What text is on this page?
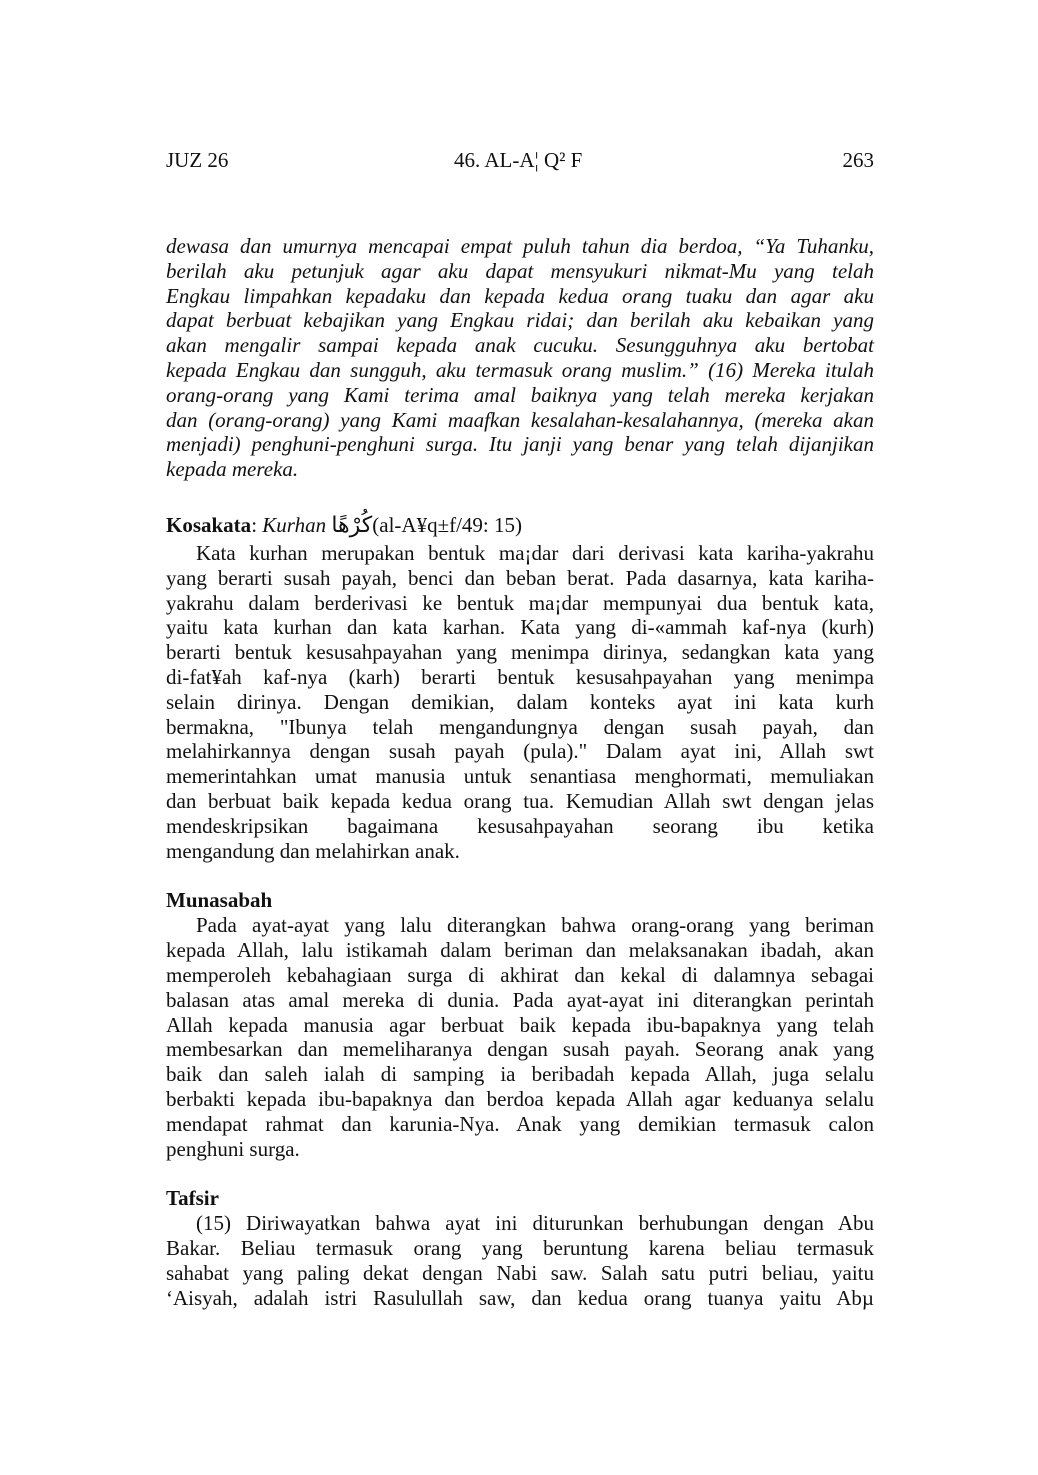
JUZ 26	46. AL-A¦ Q² F	263
dewasa dan umurnya mencapai empat puluh tahun dia berdoa, “Ya Tuhanku,
berilah aku petunjuk agar aku dapat mensyukuri nikmat-Mu yang telah
Engkau limpahkan kepadaku dan kepada kedua orang tuaku dan agar aku
dapat berbuat kebajikan yang Engkau ridai; dan berilah aku kebaikan yang
akan mengalir sampai kepada anak cucuku. Sesungguhnya aku bertobat
kepada Engkau dan sungguh, aku termasuk orang muslim.” (16) Mereka itulah
orang-orang yang Kami terima amal baiknya yang telah mereka kerjakan
dan (orang-orang) yang Kami maafkan kesalahan-kesalahannya, (mereka akan
menjadi) penghuni-penghuni surga. Itu janji yang benar yang telah dijanjikan
kepada mereka.
Kosakata: Kurhan كُرْهًا(al-A¥q±f/49: 15)
Kata kurhan merupakan bentuk ma¡dar dari derivasi kata kariha-yakrahu
yang berarti susah payah, benci dan beban berat. Pada dasarnya, kata kariha-
yakrahu dalam berderivasi ke bentuk ma¡dar mempunyai dua bentuk kata,
yaitu kata kurhan dan kata karhan. Kata yang di-«ammah kaf-nya (kurh)
berarti bentuk kesusahpayahan yang menimpa dirinya, sedangkan kata yang
di-fat¥ah kaf-nya (karh) berarti bentuk kesusahpayahan yang menimpa
selain dirinya. Dengan demikian, dalam konteks ayat ini kata kurh
bermakna, "Ibunya telah mengandungnya dengan susah payah, dan
melahirkannya dengan susah payah (pula)." Dalam ayat ini, Allah swt
memerintahkan umat manusia untuk senantiasa menghormati, memuliakan
dan berbuat baik kepada kedua orang tua. Kemudian Allah swt dengan jelas
mendeskripsikan bagaimana kesusahpayahan seorang ibu ketika
mengandung dan melahirkan anak.
Munasabah
Pada ayat-ayat yang lalu diterangkan bahwa orang-orang yang beriman
kepada Allah, lalu istikamah dalam beriman dan melaksanakan ibadah, akan
memperoleh kebahagiaan surga di akhirat dan kekal di dalamnya sebagai
balasan atas amal mereka di dunia. Pada ayat-ayat ini diterangkan perintah
Allah kepada manusia agar berbuat baik kepada ibu-bapaknya yang telah
membesarkan dan memeliharanya dengan susah payah. Seorang anak yang
baik dan saleh ialah di samping ia beribadah kepada Allah, juga selalu
berbakti kepada ibu-bapaknya dan berdoa kepada Allah agar keduanya selalu
mendapat rahmat dan karunia-Nya. Anak yang demikian termasuk calon
penghuni surga.
Tafsir
(15) Diriwayatkan bahwa ayat ini diturunkan berhubungan dengan Abu
Bakar. Beliau termasuk orang yang beruntung karena beliau termasuk
sahabat yang paling dekat dengan Nabi saw. Salah satu putri beliau, yaitu
‘Aisyah, adalah istri Rasulullah saw, dan kedua orang tuanya yaitu Abµ
